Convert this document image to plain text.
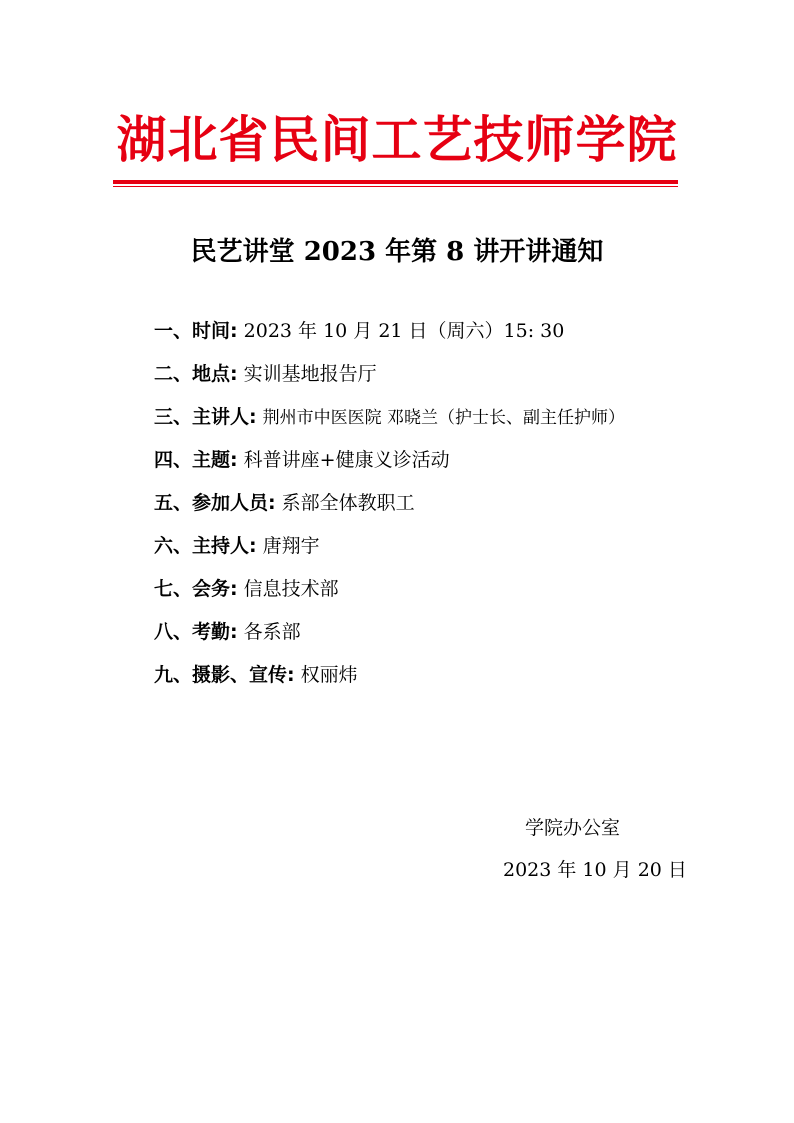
湖北省民间工艺技师学院
民艺讲堂 2023 年第 8 讲开讲通知
一、时间: 2023 年 10 月 21 日（周六）15: 30
二、地点: 实训基地报告厅
三、主讲人: 荆州市中医医院 邓晓兰（护士长、副主任护师）
四、主题: 科普讲座+健康义诊活动
五、参加人员: 系部全体教职工
六、主持人: 唐翔宇
七、会务: 信息技术部
八、考勤: 各系部
九、摄影、宣传: 权丽炜
学院办公室
2023 年 10 月 20 日
